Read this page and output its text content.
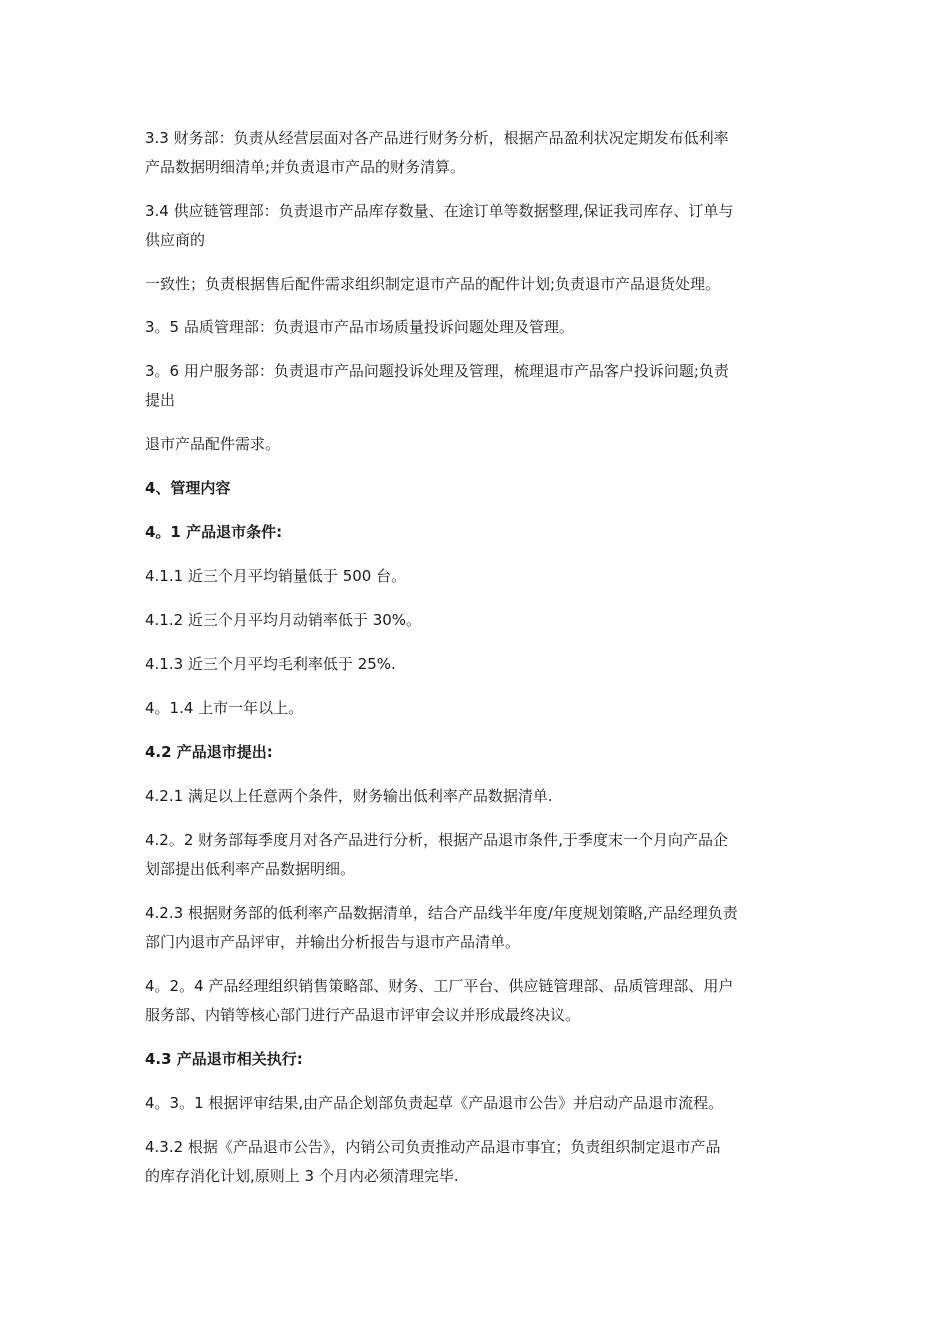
3.3 财务部：负责从经营层面对各产品进行财务分析，根据产品盈利状况定期发布低利率
产品数据明细清单;并负责退市产品的财务清算。
3.4 供应链管理部：负责退市产品库存数量、在途订单等数据整理,保证我司库存、订单与
供应商的
一致性；负责根据售后配件需求组织制定退市产品的配件计划;负责退市产品退货处理。
3。5 品质管理部：负责退市产品市场质量投诉问题处理及管理。
3。6 用户服务部：负责退市产品问题投诉处理及管理，梳理退市产品客户投诉问题;负责
提出
退市产品配件需求。
4、管理内容
4。1 产品退市条件:
4.1.1 近三个月平均销量低于 500 台。
4.1.2 近三个月平均月动销率低于 30%。
4.1.3 近三个月平均毛利率低于 25%.
4。1.4 上市一年以上。
4.2 产品退市提出:
4.2.1 满足以上任意两个条件，财务输出低利率产品数据清单.
4.2。2 财务部每季度月对各产品进行分析，根据产品退市条件,于季度末一个月向产品企
划部提出低利率产品数据明细。
4.2.3 根据财务部的低利率产品数据清单，结合产品线半年度/年度规划策略,产品经理负责
部门内退市产品评审，并输出分析报告与退市产品清单。
4。2。4 产品经理组织销售策略部、财务、工厂平台、供应链管理部、品质管理部、用户
服务部、内销等核心部门进行产品退市评审会议并形成最终决议。
4.3 产品退市相关执行:
4。3。1 根据评审结果,由产品企划部负责起草《产品退市公告》并启动产品退市流程。
4.3.2 根据《产品退市公告》，内销公司负责推动产品退市事宜；负责组织制定退市产品
的库存消化计划,原则上 3 个月内必须清理完毕.
